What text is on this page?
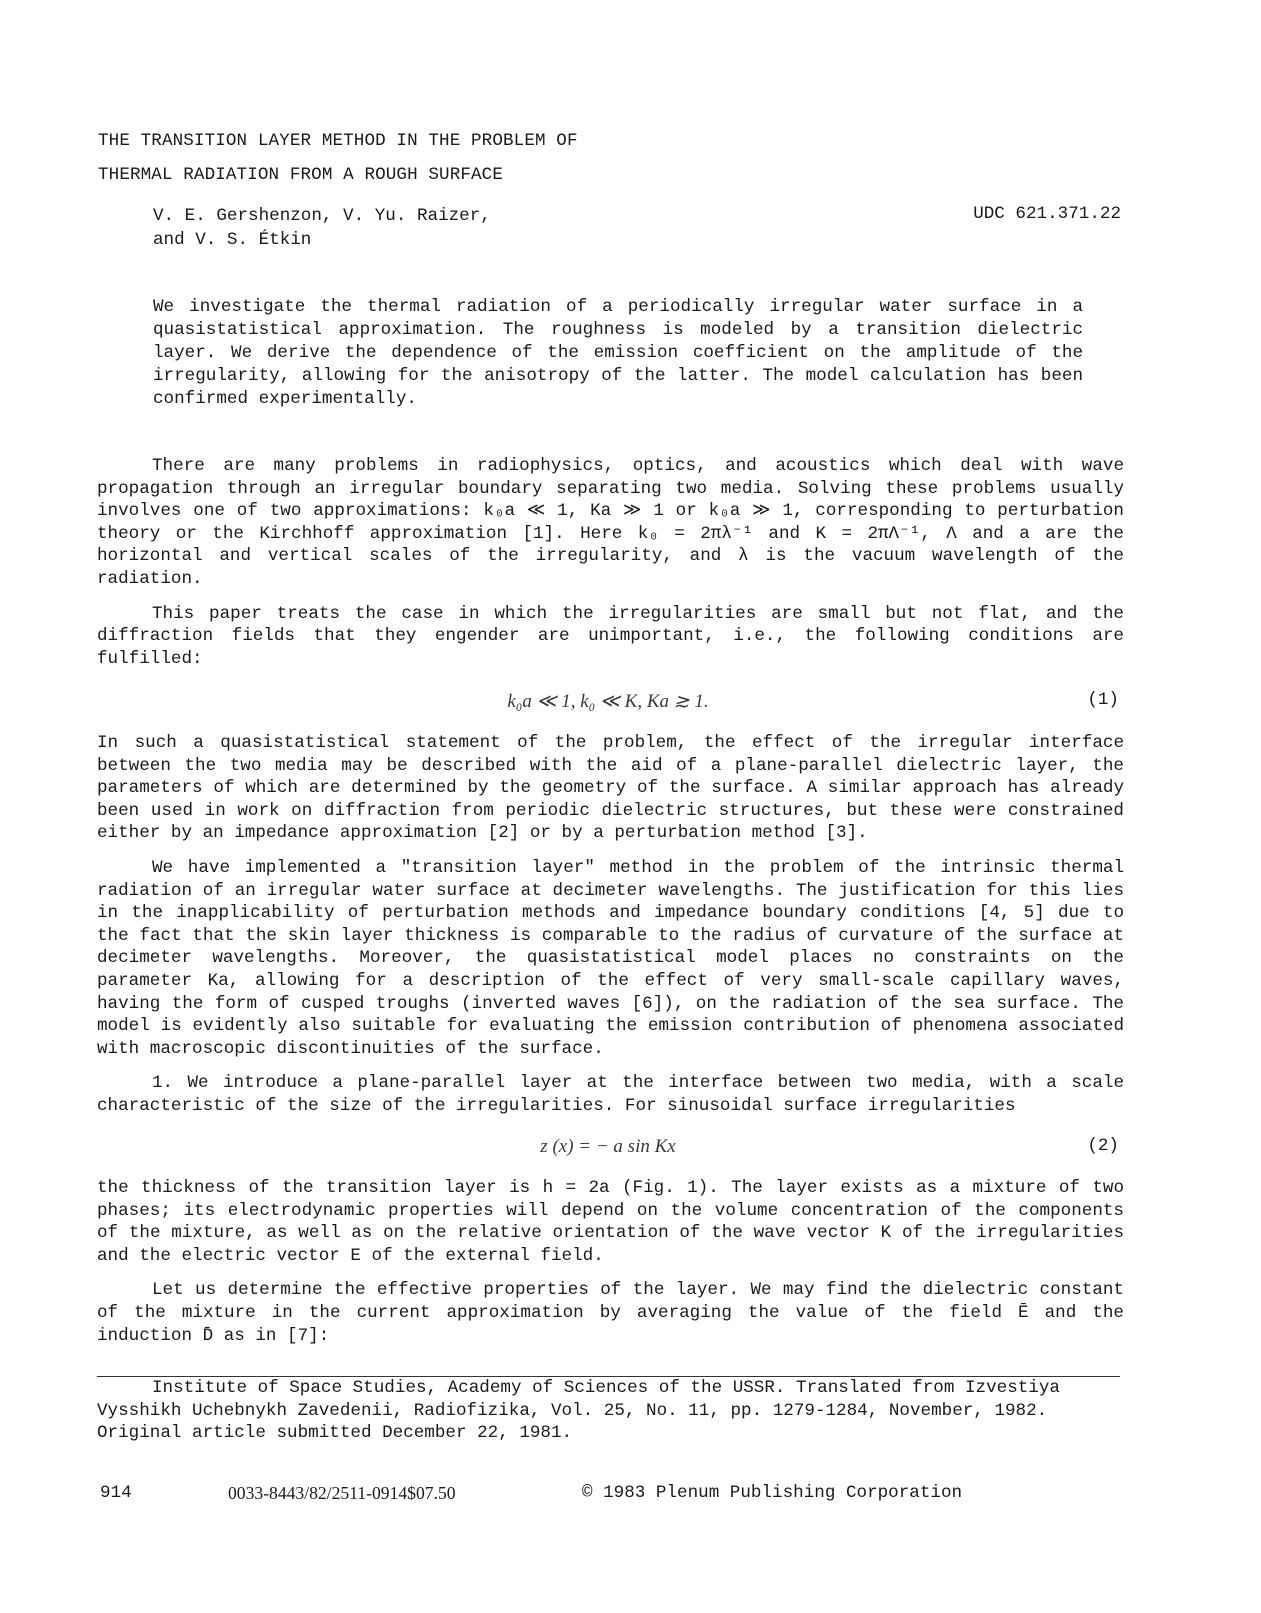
THE TRANSITION LAYER METHOD IN THE PROBLEM OF
THERMAL RADIATION FROM A ROUGH SURFACE
V. E. Gershenzon, V. Yu. Raizer,
and V. S. Étkin
UDC 621.371.22
We investigate the thermal radiation of a periodically irregular water surface in a quasistatistical approximation. The roughness is modeled by a transition dielectric layer. We derive the dependence of the emission coefficient on the amplitude of the irregularity, allowing for the anisotropy of the latter. The model calculation has been confirmed experimentally.

There are many problems in radiophysics, optics, and acoustics which deal with wave propagation through an irregular boundary separating two media. Solving these problems usually involves one of two approximations: k₀a ≪ 1, Ka ≫ 1 or k₀a ≫ 1, corresponding to perturbation theory or the Kirchhoff approximation [1]. Here k₀ = 2πλ⁻¹ and K = 2πΛ⁻¹, Λ and a are the horizontal and vertical scales of the irregularity, and λ is the vacuum wavelength of the radiation.

This paper treats the case in which the irregularities are small but not flat, and the diffraction fields that they engender are unimportant, i.e., the following conditions are fulfilled:

k₀a ≪ 1, k₀ ≪ K, Ka ≳ 1.	(1)

In such a quasistatistical statement of the problem, the effect of the irregular interface between the two media may be described with the aid of a plane-parallel dielectric layer, the parameters of which are determined by the geometry of the surface. A similar approach has already been used in work on diffraction from periodic dielectric structures, but these were constrained either by an impedance approximation [2] or by a perturbation method [3].

We have implemented a "transition layer" method in the problem of the intrinsic thermal radiation of an irregular water surface at decimeter wavelengths. The justification for this lies in the inapplicability of perturbation methods and impedance boundary conditions [4, 5] due to the fact that the skin layer thickness is comparable to the radius of curvature of the surface at decimeter wavelengths. Moreover, the quasistatistical model places no constraints on the parameter Ka, allowing for a description of the effect of very small-scale capillary waves, having the form of cusped troughs (inverted waves [6]), on the radiation of the sea surface. The model is evidently also suitable for evaluating the emission contribution of phenomena associated with macroscopic discontinuities of the surface.

1. We introduce a plane-parallel layer at the interface between two media, with a scale characteristic of the size of the irregularities. For sinusoidal surface irregularities

z (x) = − a sin Kx	(2)

the thickness of the transition layer is h = 2a (Fig. 1). The layer exists as a mixture of two phases; its electrodynamic properties will depend on the volume concentration of the components of the mixture, as well as on the relative orientation of the wave vector K of the irregularities and the electric vector E of the external field.

Let us determine the effective properties of the layer. We may find the dielectric constant of the mixture in the current approximation by averaging the value of the field Ē and the induction D̄ as in [7]:

Institute of Space Studies, Academy of Sciences of the USSR. Translated from Izvestiya Vysshikh Uchebnykh Zavedenii, Radiofizika, Vol. 25, No. 11, pp. 1279-1284, November, 1982. Original article submitted December 22, 1981.

914	0033-8443/82/2511-0914$07.50	© 1983 Plenum Publishing Corporation
